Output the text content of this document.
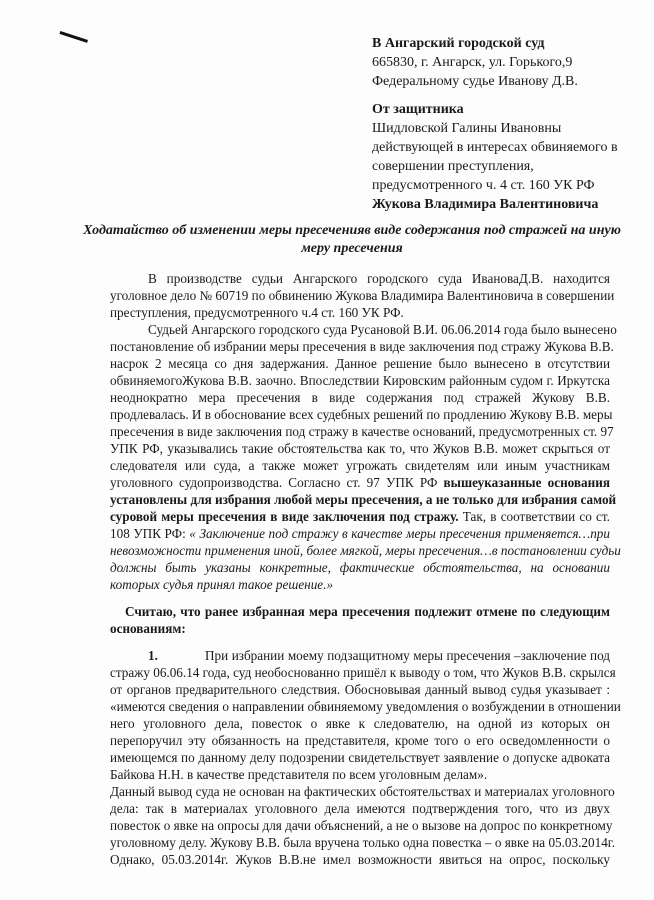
В Ангарский городской суд
665830, г. Ангарск, ул. Горького,9
Федеральному судье Иванову Д.В.
От защитника
Шидловской Галины Ивановны
действующей в интересах обвиняемого в
совершении преступления,
предусмотренного ч. 4 ст. 160 УК РФ
Жукова Владимира Валентиновича
Ходатайство об изменении меры пресеченияв виде содержания под стражей на иную
меру пресечения
В производстве судьи Ангарского городского суда ИвановаД.В. находится
уголовное дело № 60719 по обвинению Жукова Владимира Валентиновича в совершении
преступления, предусмотренного ч.4 ст. 160 УК РФ.
Судьей Ангарского городского суда Русановой В.И. 06.06.2014 года было вынесено
постановление об избрании меры пресечения в виде заключения под стражу Жукова В.В.
насрок 2 месяца со дня задержания. Данное решение было вынесено в отсутствии
обвиняемогоЖукова В.В. заочно. Впоследствии Кировским районным судом г. Иркутска
неоднократно мера пресечения в виде содержания под стражей Жукову В.В.
продлевалась. И в обоснование всех судебных решений по продлению Жукову В.В. меры
пресечения в виде заключения под стражу в качестве оснований, предусмотренных ст. 97
УПК РФ, указывались такие обстоятельства как то, что Жуков В.В. может скрыться от
следователя или суда, а также может угрожать свидетелям или иным участникам
уголовного судопроизводства. Согласно ст. 97 УПК РФ вышеуказанные основания
установлены для избрания любой меры пресечения, а не только для избрания самой
суровой меры пресечения в виде заключения под стражу. Так, в соответствии со ст.
108 УПК РФ: « Заключение под стражу в качестве меры пресечения применяется…при
невозможности применения иной, более мягкой, меры пресечения…в постановлении судьи
должны быть указаны конкретные, фактические обстоятельства, на основании
которых судья принял такое решение.»
Считаю, что ранее избранная мера пресечения подлежит отмене по следующим
основаниям:
1.	При избрании моему подзащитному меры пресечения –заключение под
стражу 06.06.14 года, суд необоснованно пришёл к выводу о том, что Жуков В.В. скрылся
от органов предварительного следствия. Обосновывая данный вывод судья указывает :
«имеются сведения о направлении обвиняемому уведомления о возбуждении в отношении
него уголовного дела, повесток о явке к следователю, на одной из которых он
перепоручил эту обязанность на представителя, кроме того о его осведомленности о
имеющемся по данному делу подозрении свидетельствует заявление о допуске адвоката
Байкова Н.Н. в качестве представителя по всем уголовным делам».
Данный вывод суда не основан на фактических обстоятельствах и материалах уголовного
дела: так в материалах уголовного дела имеются подтверждения того, что из двух
повесток о явке на опросы для дачи объяснений, а не о вызове на допрос по конкретному
уголовному делу. Жукову В.В. была вручена только одна повестка – о явке на 05.03.2014г.
Однако, 05.03.2014г. Жуков В.В.не имел возможности явиться на опрос, поскольку
